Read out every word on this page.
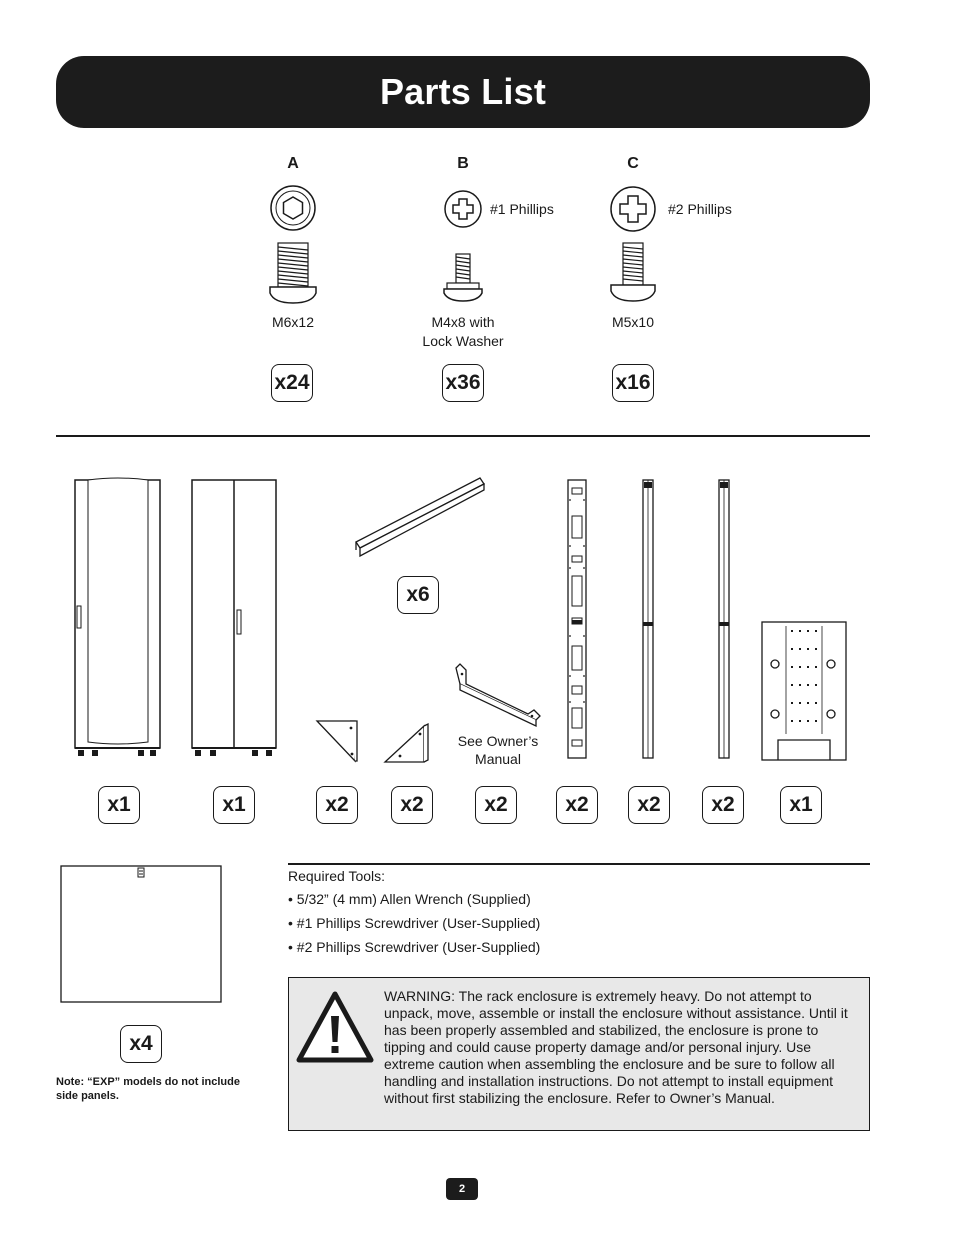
Parts List
A
M6x12
x24
B
#1 Phillips
M4x8 with
Lock Washer
x36
C
#2 Phillips
M5x10
x16
x1	x1
x6
x2	x2
See Owner’s
Manual
x2	x2	x2	x2	x1
x4
Note: “EXP” models do not include side panels.
Required Tools:
• 5/32” (4 mm) Allen Wrench (Supplied)
• #1 Phillips Screwdriver (User-Supplied)
• #2 Phillips Screwdriver (User-Supplied)
WARNING: The rack enclosure is extremely heavy. Do not attempt to unpack, move, assemble or install the enclosure without assistance. Until it has been properly assembled and stabilized, the enclosure is prone to tipping and could cause property damage and/or personal injury. Use extreme caution when assembling the enclosure and be sure to follow all handling and installation instructions. Do not attempt to install equipment without first stabilizing the enclosure. Refer to Owner’s Manual.
2
